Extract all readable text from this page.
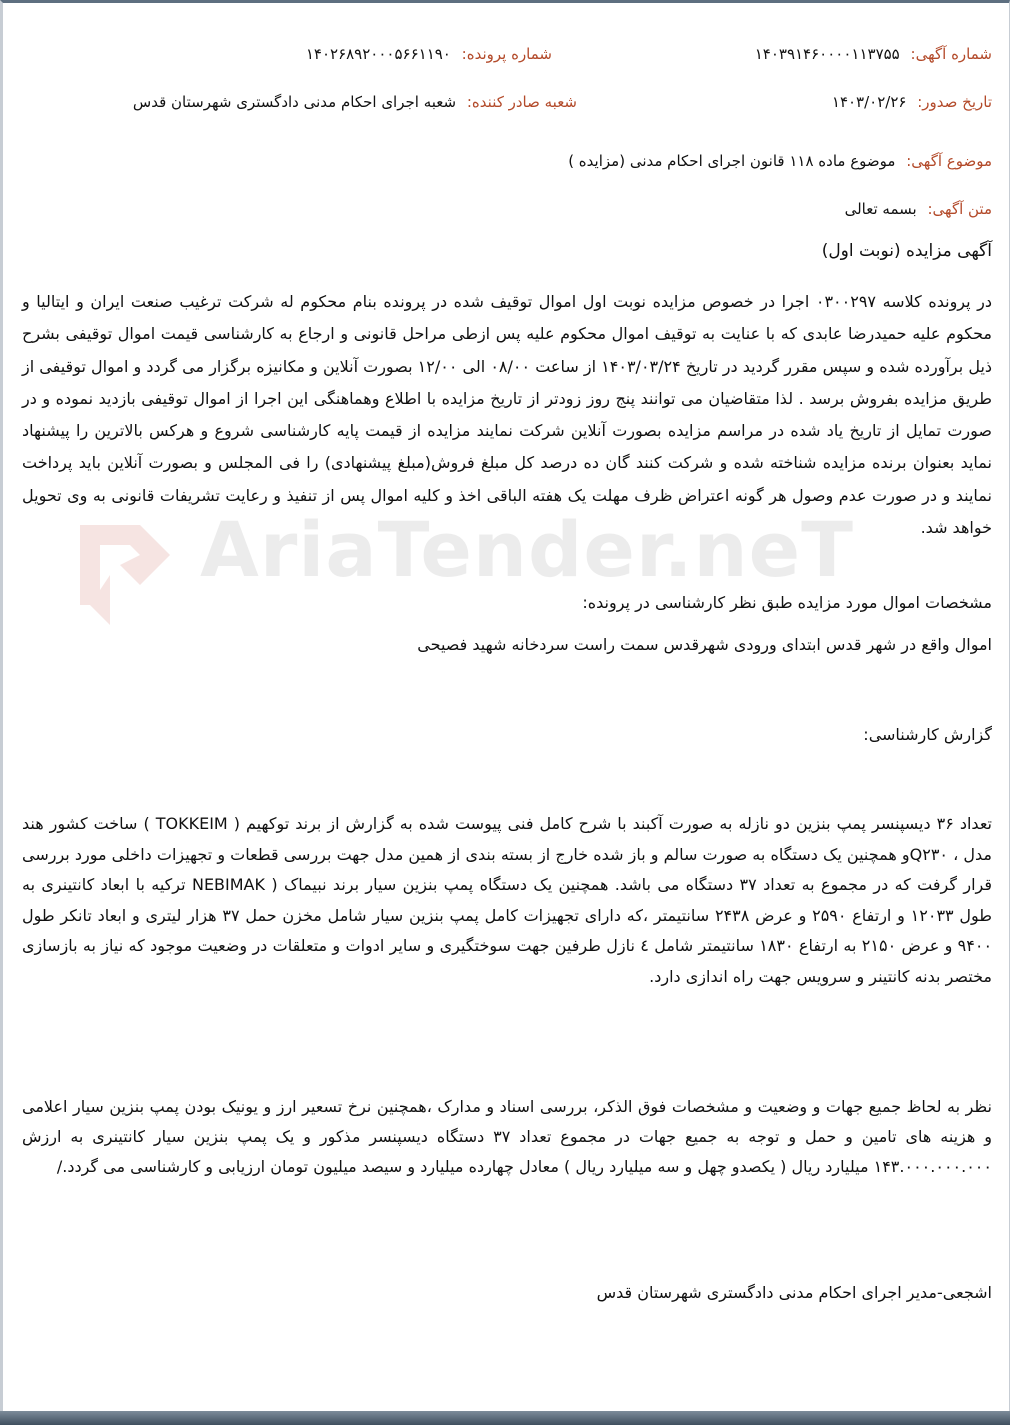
AriaTender.neT
شماره آگهی: ۱۴۰۳۹۱۴۶۰۰۰۰۱۱۳۷۵۵
شماره پرونده: ۱۴۰۲۶۸۹۲۰۰۰۵۶۶۱۱۹۰
تاریخ صدور: ۱۴۰۳/۰۲/۲۶
شعبه صادر کننده: شعبه اجرای احکام مدنی دادگستری شهرستان قدس
موضوع آگهی: موضوع ماده ۱۱۸ قانون اجرای احکام مدنی (مزایده )
متن آگهی: بسمه تعالی
آگهی مزایده (نوبت اول)
در پرونده کلاسه ۰۳۰۰۲۹۷ اجرا در خصوص مزایده نوبت اول اموال توقیف شده در پرونده بنام محکوم له شرکت ترغیب صنعت ایران و ایتالیا و محکوم علیه حمیدرضا عابدی که با عنایت به توقیف اموال محکوم علیه پس ازطی مراحل قانونی و ارجاع به کارشناسی قیمت اموال توقیفی بشرح ذیل برآورده شده و سپس مقرر گردید در تاریخ ۱۴۰۳/۰۳/۲۴ از ساعت ۰۸/۰۰ الی ۱۲/۰۰ بصورت آنلاین و مکانیزه برگزار می گردد و اموال توقیفی از طریق مزایده بفروش برسد . لذا متقاضیان می توانند پنج روز زودتر از تاریخ مزایده با اطلاع وهماهنگی این اجرا از اموال توقیفی بازدید نموده و در صورت تمایل از تاریخ یاد شده در مراسم مزایده بصورت آنلاین شرکت نمایند مزایده از قیمت پایه کارشناسی شروع و هرکس بالاترین را پیشنهاد نماید بعنوان برنده مزایده شناخته شده و شرکت کنند گان ده درصد کل مبلغ فروش(مبلغ پیشنهادی) را فی المجلس و بصورت آنلاین باید پرداخت نمایند و در صورت عدم وصول هر گونه اعتراض ظرف مهلت یک هفته الباقی اخذ و کلیه اموال پس از تنفیذ و رعایت تشریفات قانونی به وی تحویل خواهد شد.
مشخصات اموال مورد مزایده طبق نظر کارشناسی در پرونده:
اموال واقع در شهر قدس ابتدای ورودی شهرقدس سمت راست سردخانه شهید فصیحی
گزارش کارشناسی:
تعداد ۳۶ دیسپنسر پمپ بنزین دو نازله به صورت آکبند با شرح کامل فنی پیوست شده به گزارش از برند توکهیم ( TOKKEIM ) ساخت کشور هند مدل ، Q۲۳۰و همچنین یک دستگاه به صورت سالم و باز شده خارج از بسته بندی از همین مدل جهت بررسی قطعات و تجهیزات داخلی مورد بررسی قرار گرفت که در مجموع به تعداد ۳۷ دستگاه می باشد. همچنین یک دستگاه پمپ بنزین سیار برند نبیماک ( NEBIMAK ترکیه با ابعاد کانتینری به طول ۱۲۰۳۳ و ارتفاع ۲۵۹۰ و عرض ۲۴۳۸ سانتیمتر ،که دارای تجهیزات کامل پمپ بنزین سیار شامل مخزن حمل ۳۷ هزار لیتری و ابعاد تانکر طول ۹۴۰۰ و عرض ۲۱۵۰ به ارتفاع ۱۸۳۰ سانتیمتر شامل ٤ نازل طرفین جهت سوختگیری و سایر ادوات و متعلقات در وضعیت موجود که نیاز به بازسازی مختصر بدنه کانتینر و سرویس جهت راه اندازی دارد.
نظر به لحاظ جمیع جهات و وضعیت و مشخصات فوق الذکر، بررسی اسناد و مدارک ،همچنین نرخ تسعیر ارز و یونیک بودن پمپ بنزین سیار اعلامی و هزینه های تامین و حمل و توجه به جمیع جهات در مجموع تعداد ۳۷ دستگاه دیسپنسر مذکور و یک پمپ بنزین سیار کانتینری به ارزش ۱۴۳.۰۰۰.۰۰۰.۰۰۰ میلیارد ریال ( یکصدو چهل و سه میلیارد ریال ) معادل چهارده میلیارد و سیصد میلیون تومان ارزیابی و کارشناسی می گردد./
اشجعی-مدیر اجرای احکام مدنی دادگستری شهرستان قدس
